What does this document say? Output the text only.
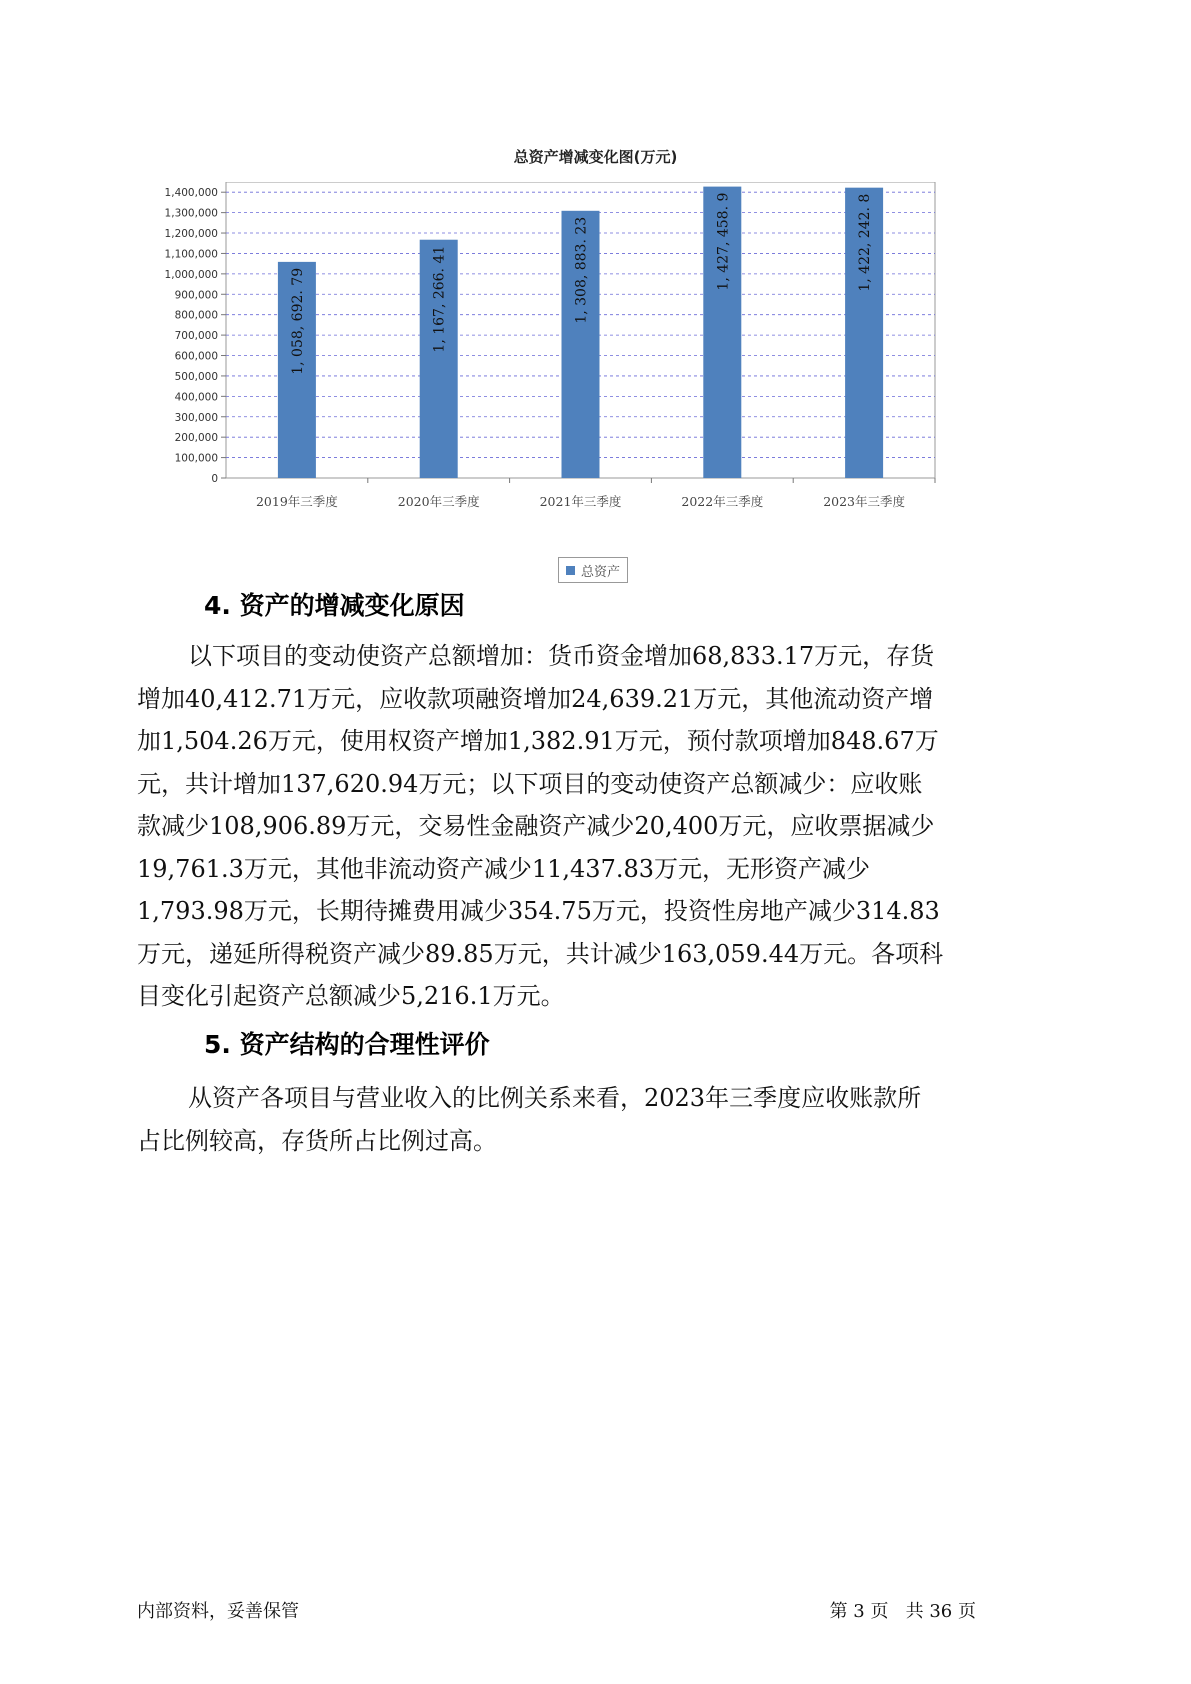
总资产增减变化图(万元)
0
100,000
200,000
300,000
400,000
500,000
600,000
700,000
800,000
900,000
1,000,000
1,100,000
1,200,000
1,300,000
1,400,000
1, 058, 692. 79
2019年三季度
1, 167, 266. 41
2020年三季度
1, 308, 883. 23
2021年三季度
1, 427, 458. 9
2022年三季度
1, 422, 242. 8
2023年三季度
总资产
4. 资产的增减变化原因
以下项目的变动使资产总额增加：货币资金增加68,833.17万元，存货
增加40,412.71万元，应收款项融资增加24,639.21万元，其他流动资产增
加1,504.26万元，使用权资产增加1,382.91万元，预付款项增加848.67万
元，共计增加137,620.94万元；以下项目的变动使资产总额减少：应收账
款减少108,906.89万元，交易性金融资产减少20,400万元，应收票据减少
19,761.3万元，其他非流动资产减少11,437.83万元，无形资产减少
1,793.98万元，长期待摊费用减少354.75万元，投资性房地产减少314.83
万元，递延所得税资产减少89.85万元，共计减少163,059.44万元。各项科
目变化引起资产总额减少5,216.1万元。
5. 资产结构的合理性评价
从资产各项目与营业收入的比例关系来看，2023年三季度应收账款所
占比例较高，存货所占比例过高。
内部资料，妥善保管	第 3 页   共 36 页
